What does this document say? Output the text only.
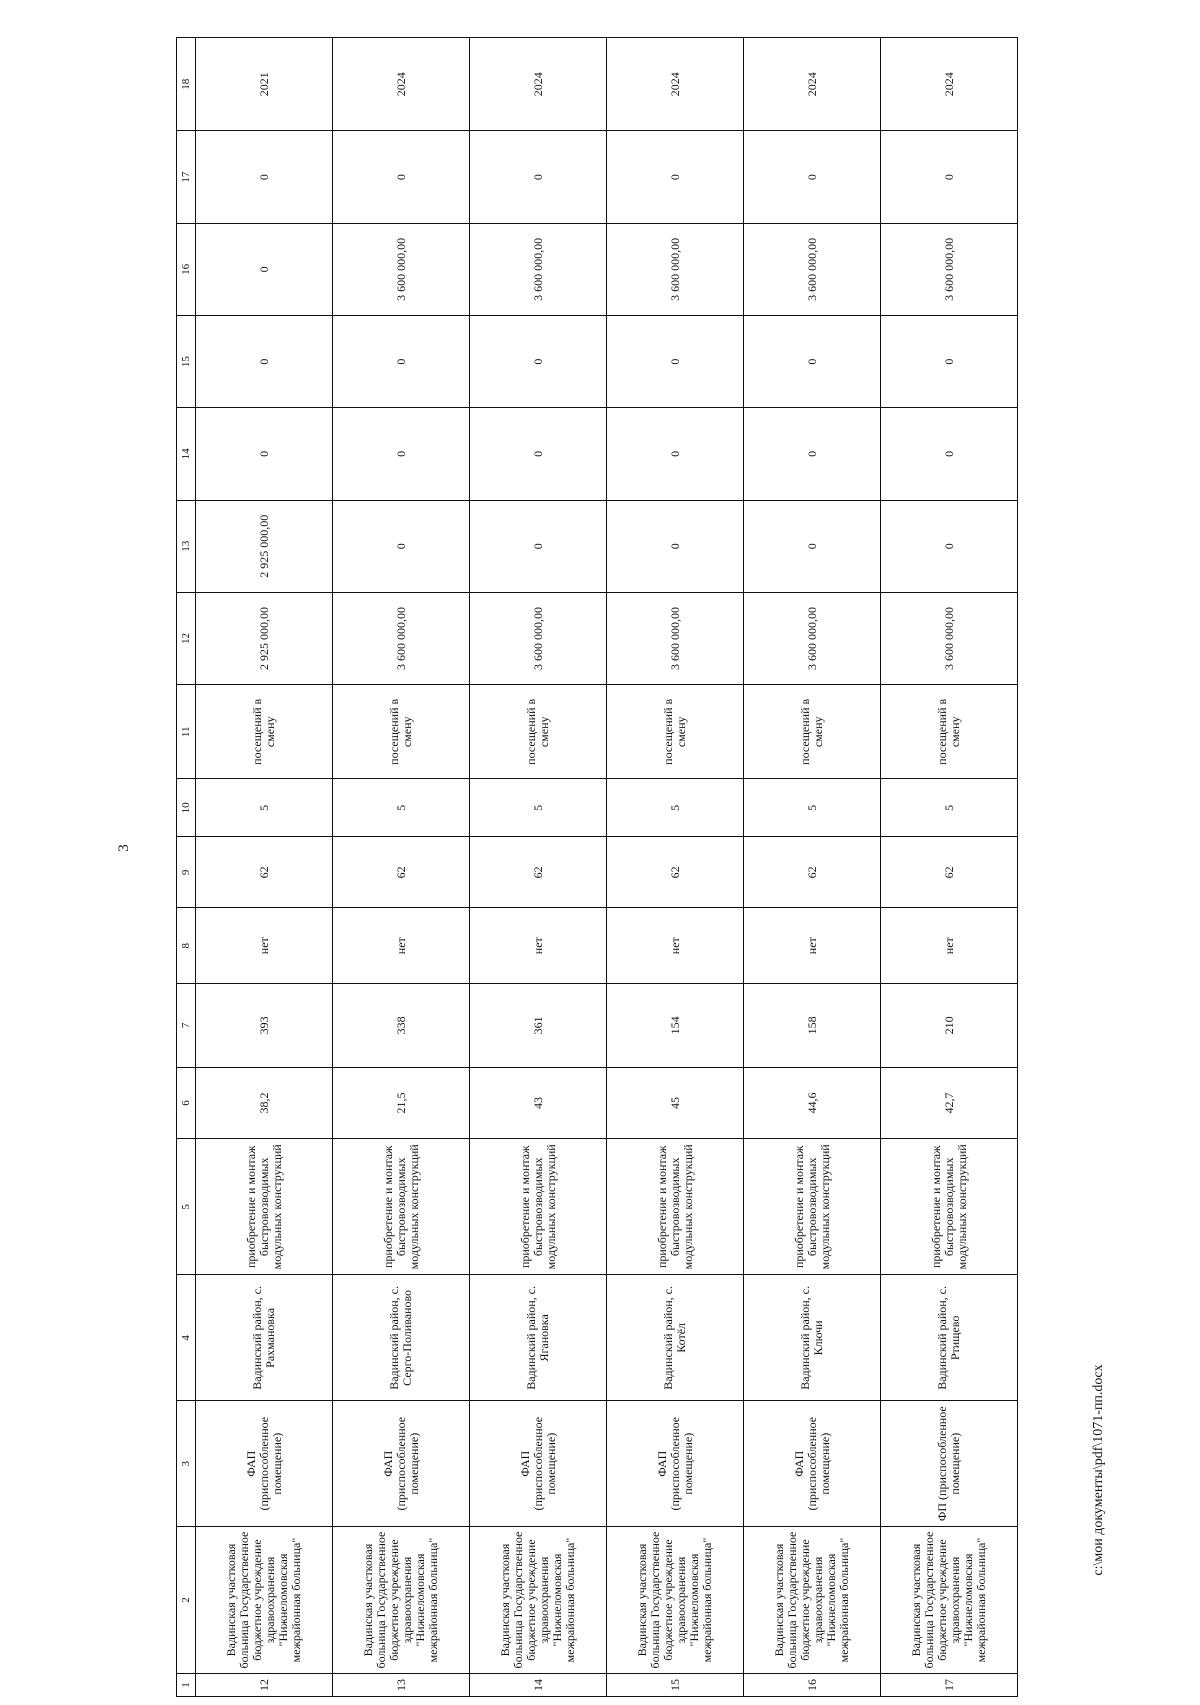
3
1	2	3	4	5	6	7	8	9	10	11	12	13	14	15	16	17	18
12	Вадинская участковая больница Государственное бюджетное учреждение здравоохранения "Нижнеломовская межрайонная больница"	ФАП (приспособленное помещение)	Вадинский район, с. Рахмановка	приобретение и монтаж быстровозводимых модульных конструкций	38,2	393	нет	62	5	посещений в смену	2 925 000,00	2 925 000,00	0	0	0	0	2021
13	Вадинская участковая больница Государственное бюджетное учреждение здравоохранения "Нижнеломовская межрайонная больница"	ФАП (приспособленное помещение)	Вадинский район, с. Серго-Поливаново	приобретение и монтаж быстровозводимых модульных конструкций	21,5	338	нет	62	5	посещений в смену	3 600 000,00	0	0	0	3 600 000,00	0	2024
14	Вадинская участковая больница Государственное бюджетное учреждение здравоохранения "Нижнеломовская межрайонная больница"	ФАП (приспособленное помещение)	Вадинский район, с. Ягановка	приобретение и монтаж быстровозводимых модульных конструкций	43	361	нет	62	5	посещений в смену	3 600 000,00	0	0	0	3 600 000,00	0	2024
15	Вадинская участковая больница Государственное бюджетное учреждение здравоохранения "Нижнеломовская межрайонная больница"	ФАП (приспособленное помещение)	Вадинский район, с. Котёл	приобретение и монтаж быстровозводимых модульных конструкций	45	154	нет	62	5	посещений в смену	3 600 000,00	0	0	0	3 600 000,00	0	2024
16	Вадинская участковая больница Государственное бюджетное учреждение здравоохранения "Нижнеломовская межрайонная больница"	ФАП (приспособленное помещение)	Вадинский район, с. Ключи	приобретение и монтаж быстровозводимых модульных конструкций	44,6	158	нет	62	5	посещений в смену	3 600 000,00	0	0	0	3 600 000,00	0	2024
17	Вадинская участковая больница Государственное бюджетное учреждение здравоохранения "Нижнеломовская межрайонная больница"	ФП (приспособленное помещение)	Вадинский район, с. Ртищево	приобретение и монтаж быстровозводимых модульных конструкций	42,7	210	нет	62	5	посещений в смену	3 600 000,00	0	0	0	3 600 000,00	0	2024
c:\мои документы\pdf\1071-пп.docx
